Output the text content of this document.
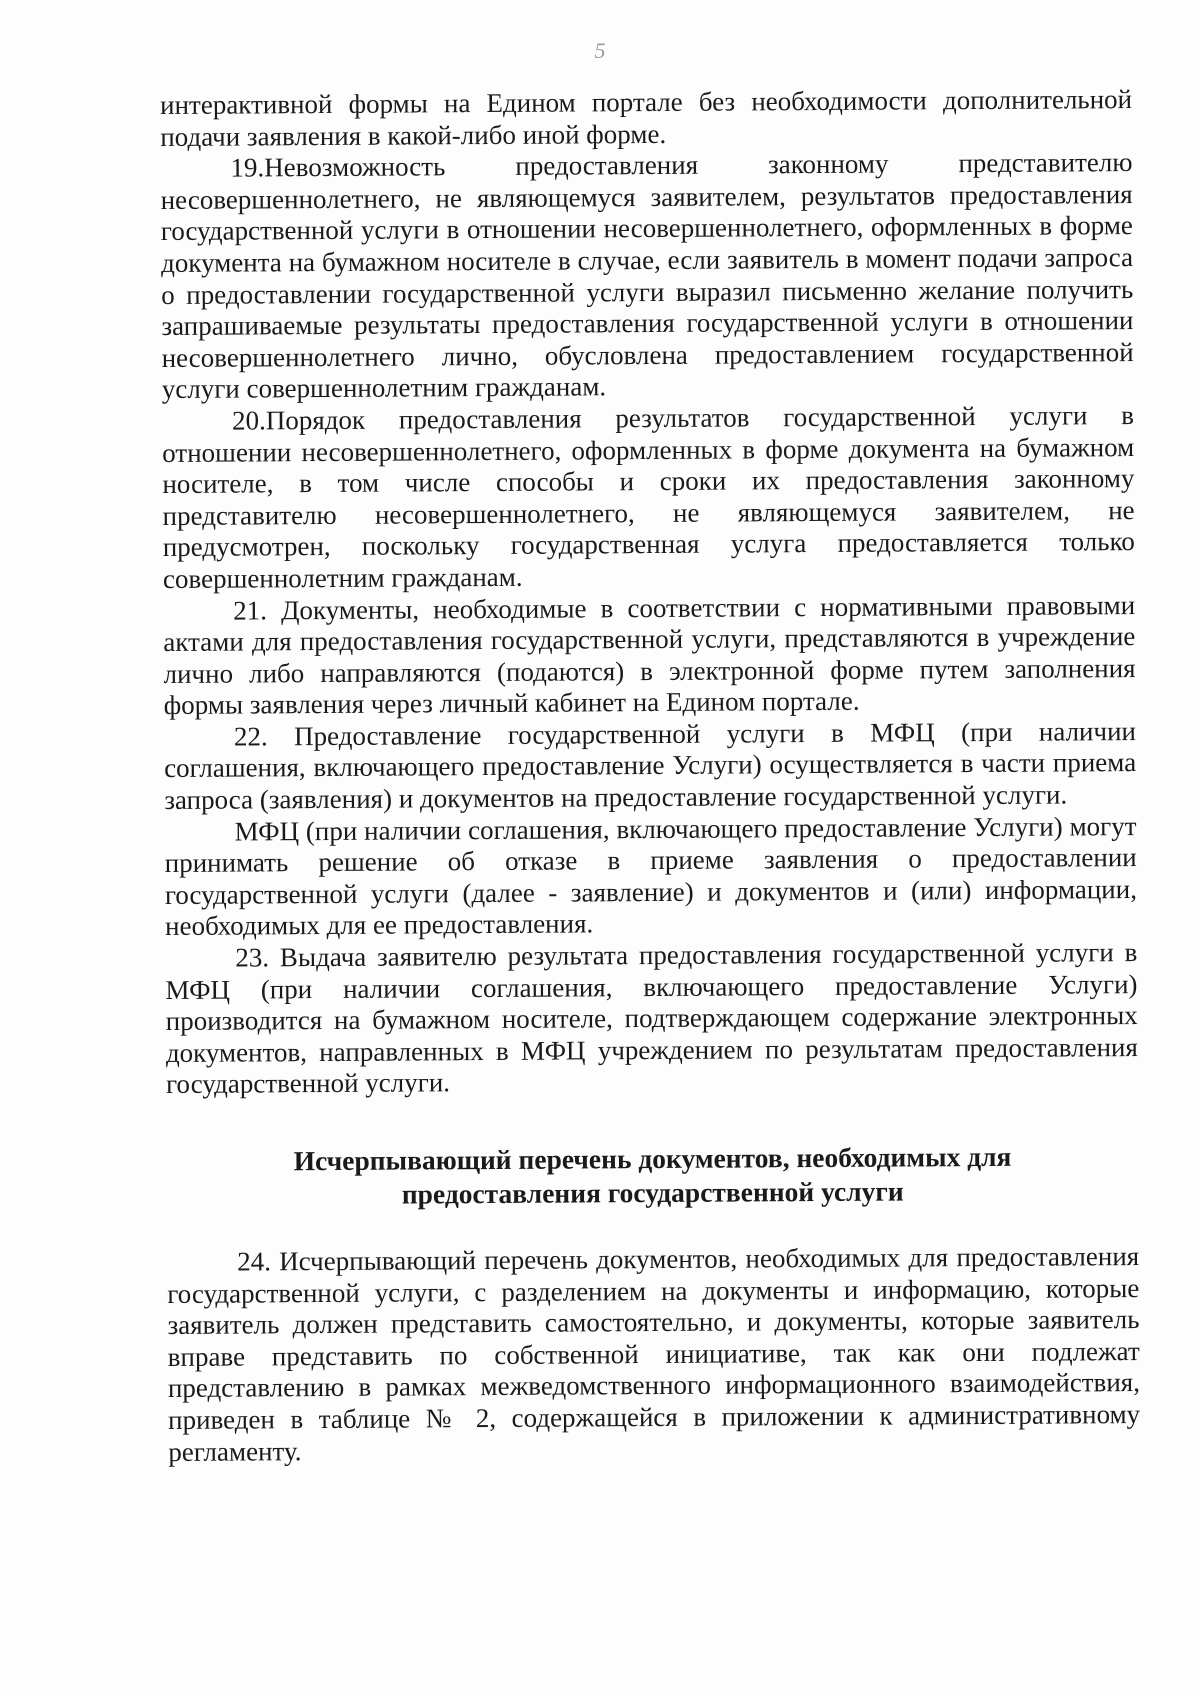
5

интерактивной формы на Едином портале без необходимости дополнительной подачи заявления в какой-либо иной форме.

19.Невозможность предоставления законному представителю несовершеннолетнего, не являющемуся заявителем, результатов предоставления государственной услуги в отношении несовершеннолетнего, оформленных в форме документа на бумажном носителе в случае, если заявитель в момент подачи запроса о предоставлении государственной услуги выразил письменно желание получить запрашиваемые результаты предоставления государственной услуги в отношении несовершеннолетнего лично, обусловлена предоставлением государственной услуги совершеннолетним гражданам.

20.Порядок предоставления результатов государственной услуги в отношении несовершеннолетнего, оформленных в форме документа на бумажном носителе, в том числе способы и сроки их предоставления законному представителю несовершеннолетнего, не являющемуся заявителем, не предусмотрен, поскольку государственная услуга предоставляется только совершеннолетним гражданам.

21. Документы, необходимые в соответствии с нормативными правовыми актами для предоставления государственной услуги, представляются в учреждение лично либо направляются (подаются) в электронной форме путем заполнения формы заявления через личный кабинет на Едином портале.

22. Предоставление государственной услуги в МФЦ (при наличии соглашения, включающего предоставление Услуги) осуществляется в части приема запроса (заявления) и документов на предоставление государственной услуги.

МФЦ (при наличии соглашения, включающего предоставление Услуги) могут принимать решение об отказе в приеме заявления о предоставлении государственной услуги (далее - заявление) и документов и (или) информации, необходимых для ее предоставления.

23. Выдача заявителю результата предоставления государственной услуги в МФЦ (при наличии соглашения, включающего предоставление Услуги) производится на бумажном носителе, подтверждающем содержание электронных документов, направленных в МФЦ учреждением по результатам предоставления государственной услуги.

Исчерпывающий перечень документов, необходимых для предоставления государственной услуги

24. Исчерпывающий перечень документов, необходимых для предоставления государственной услуги, с разделением на документы и информацию, которые заявитель должен представить самостоятельно, и документы, которые заявитель вправе представить по собственной инициативе, так как они подлежат представлению в рамках межведомственного информационного взаимодействия, приведен в таблице № 2, содержащейся в приложении к административному регламенту.
